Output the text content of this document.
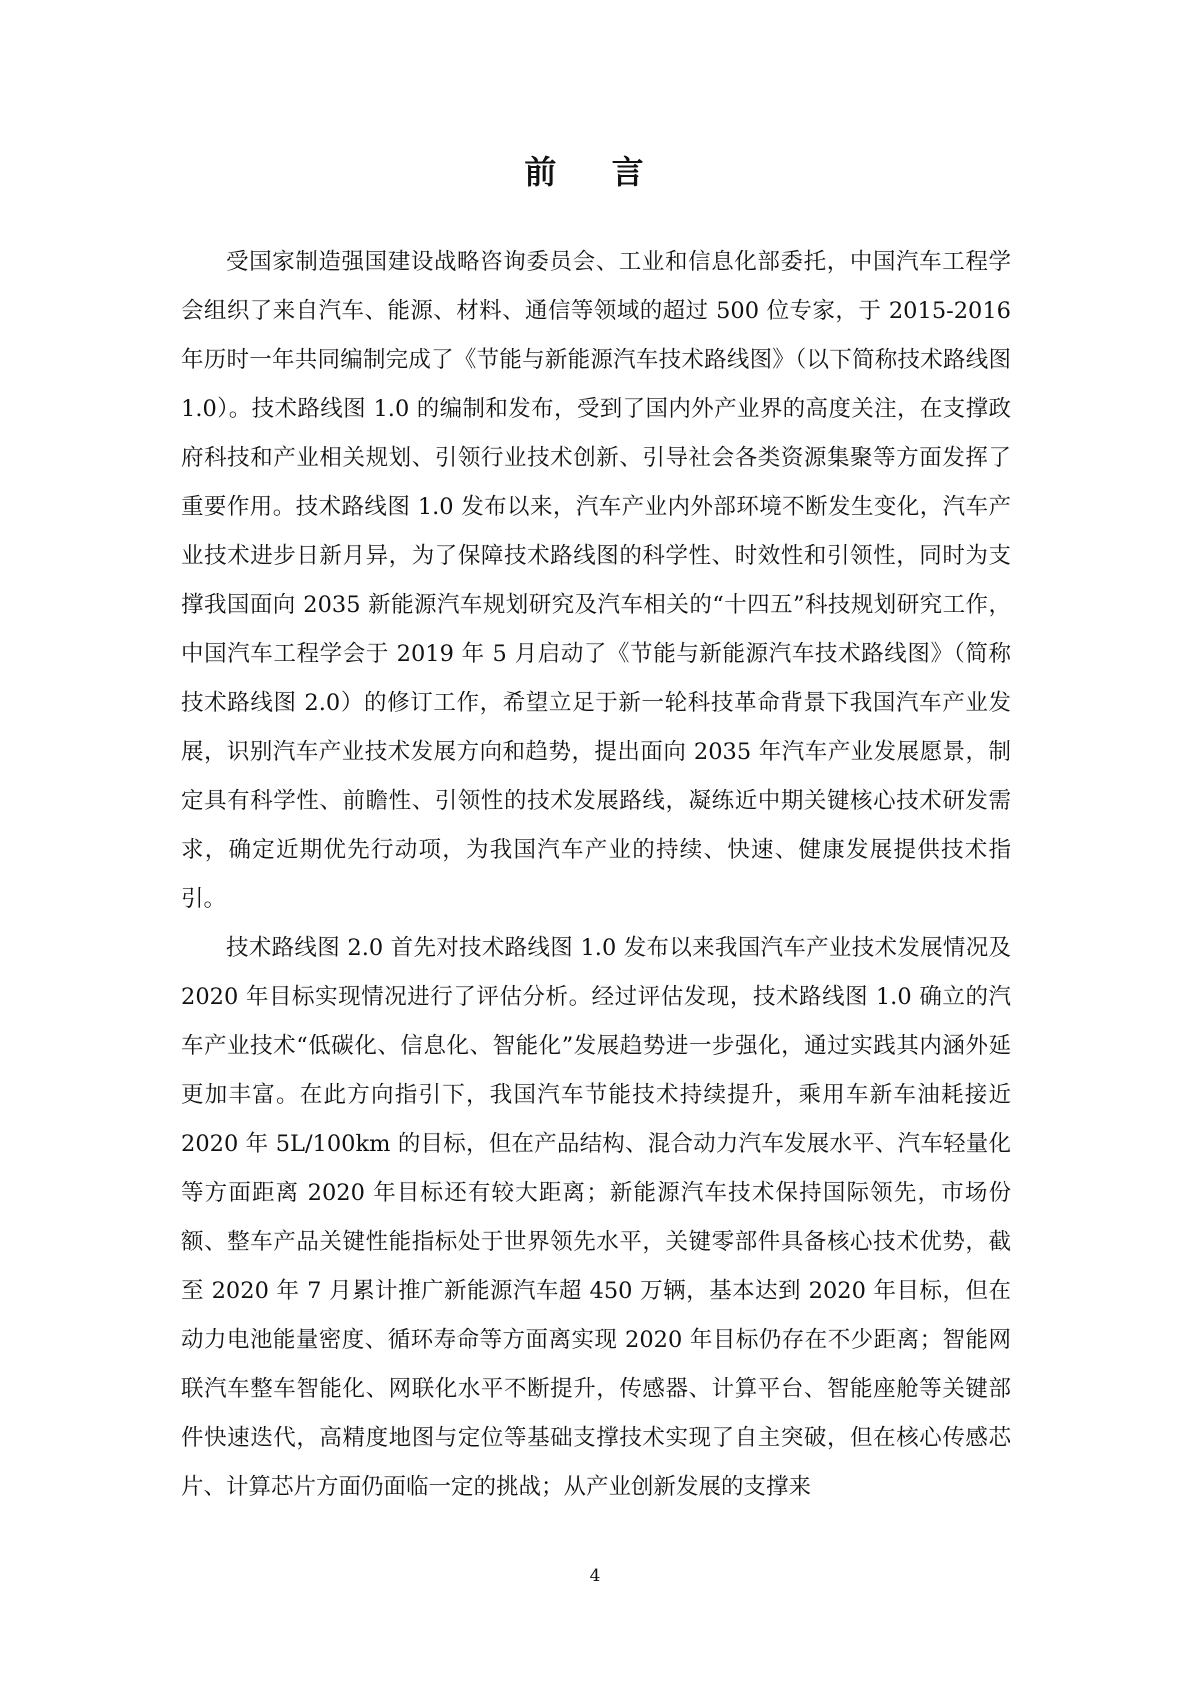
前 言

受国家制造强国建设战略咨询委员会、工业和信息化部委托，中国汽车工程学会组织了来自汽车、能源、材料、通信等领域的超过 500 位专家，于 2015-2016 年历时一年共同编制完成了《节能与新能源汽车技术路线图》（以下简称技术路线图 1.0）。技术路线图 1.0 的编制和发布，受到了国内外产业界的高度关注，在支撑政府科技和产业相关规划、引领行业技术创新、引导社会各类资源集聚等方面发挥了重要作用。技术路线图 1.0 发布以来，汽车产业内外部环境不断发生变化，汽车产业技术进步日新月异，为了保障技术路线图的科学性、时效性和引领性，同时为支撑我国面向 2035 新能源汽车规划研究及汽车相关的“十四五”科技规划研究工作，中国汽车工程学会于 2019 年 5 月启动了《节能与新能源汽车技术路线图》（简称技术路线图 2.0）的修订工作，希望立足于新一轮科技革命背景下我国汽车产业发展，识别汽车产业技术发展方向和趋势，提出面向 2035 年汽车产业发展愿景，制定具有科学性、前瞻性、引领性的技术发展路线，凝练近中期关键核心技术研发需求，确定近期优先行动项，为我国汽车产业的持续、快速、健康发展提供技术指引。

技术路线图 2.0 首先对技术路线图 1.0 发布以来我国汽车产业技术发展情况及 2020 年目标实现情况进行了评估分析。经过评估发现，技术路线图 1.0 确立的汽车产业技术“低碳化、信息化、智能化”发展趋势进一步强化，通过实践其内涵外延更加丰富。在此方向指引下，我国汽车节能技术持续提升，乘用车新车油耗接近 2020 年 5L/100km 的目标，但在产品结构、混合动力汽车发展水平、汽车轻量化等方面距离 2020 年目标还有较大距离；新能源汽车技术保持国际领先，市场份额、整车产品关键性能指标处于世界领先水平，关键零部件具备核心技术优势，截至 2020 年 7 月累计推广新能源汽车超 450 万辆，基本达到 2020 年目标，但在动力电池能量密度、循环寿命等方面离实现 2020 年目标仍存在不少距离；智能网联汽车整车智能化、网联化水平不断提升，传感器、计算平台、智能座舱等关键部件快速迭代，高精度地图与定位等基础支撑技术实现了自主突破，但在核心传感芯片、计算芯片方面仍面临一定的挑战；从产业创新发展的支撑来

4
